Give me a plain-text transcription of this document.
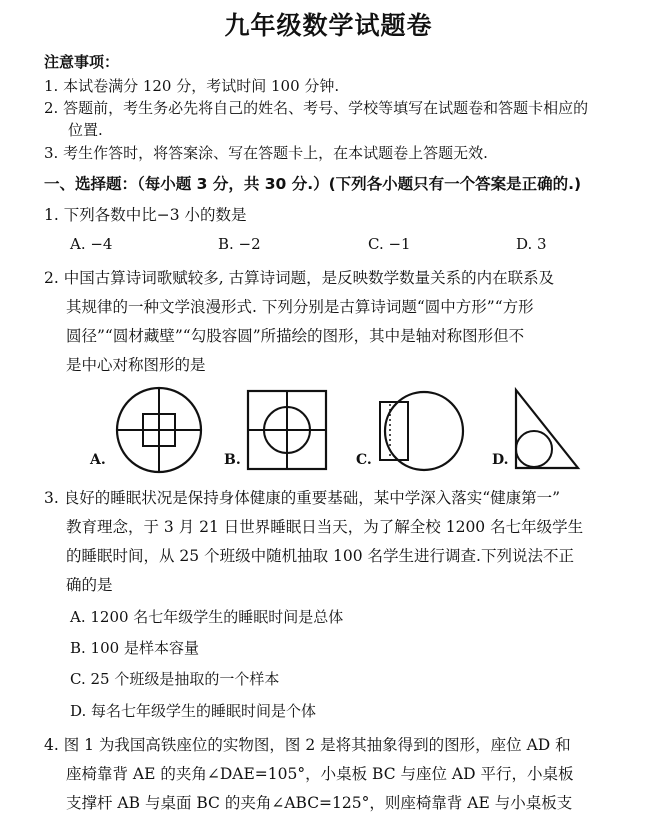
九年级数学试题卷
注意事项：
1. 本试卷满分 120 分，考试时间 100 分钟.
2. 答题前，考生务必先将自己的姓名、考号、学校等填写在试题卷和答题卡相应的
位置.
3. 考生作答时，将答案涂、写在答题卡上，在本试题卷上答题无效.
一、选择题：（每小题 3 分，共 30 分.）(下列各小题只有一个答案是正确的.)
1. 下列各数中比−3 小的数是
A. −4	B. −2	C. −1	D. 3
2. 中国古算诗词歌赋较多, 古算诗词题，是反映数学数量关系的内在联系及
其规律的一种文学浪漫形式. 下列分别是古算诗词题“圆中方形”“方形
圆径”“圆材藏壁”“勾股容圆”所描绘的图形，其中是轴对称图形但不
是中心对称图形的是
A.	B.	C.	D.
3. 良好的睡眠状况是保持身体健康的重要基础，某中学深入落实“健康第一”
教育理念，于 3 月 21 日世界睡眠日当天，为了解全校 1200 名七年级学生
的睡眠时间，从 25 个班级中随机抽取 100 名学生进行调查.下列说法不正
确的是
A. 1200 名七年级学生的睡眠时间是总体
B. 100 是样本容量
C. 25 个班级是抽取的一个样本
D. 每名七年级学生的睡眠时间是个体
4. 图 1 为我国高铁座位的实物图，图 2 是将其抽象得到的图形，座位 AD 和
座椅靠背 AE 的夹角∠DAE=105°，小桌板 BC 与座位 AD 平行，小桌板
支撑杆 AB 与桌面 BC 的夹角∠ABC=125°，则座椅靠背 AE 与小桌板支
